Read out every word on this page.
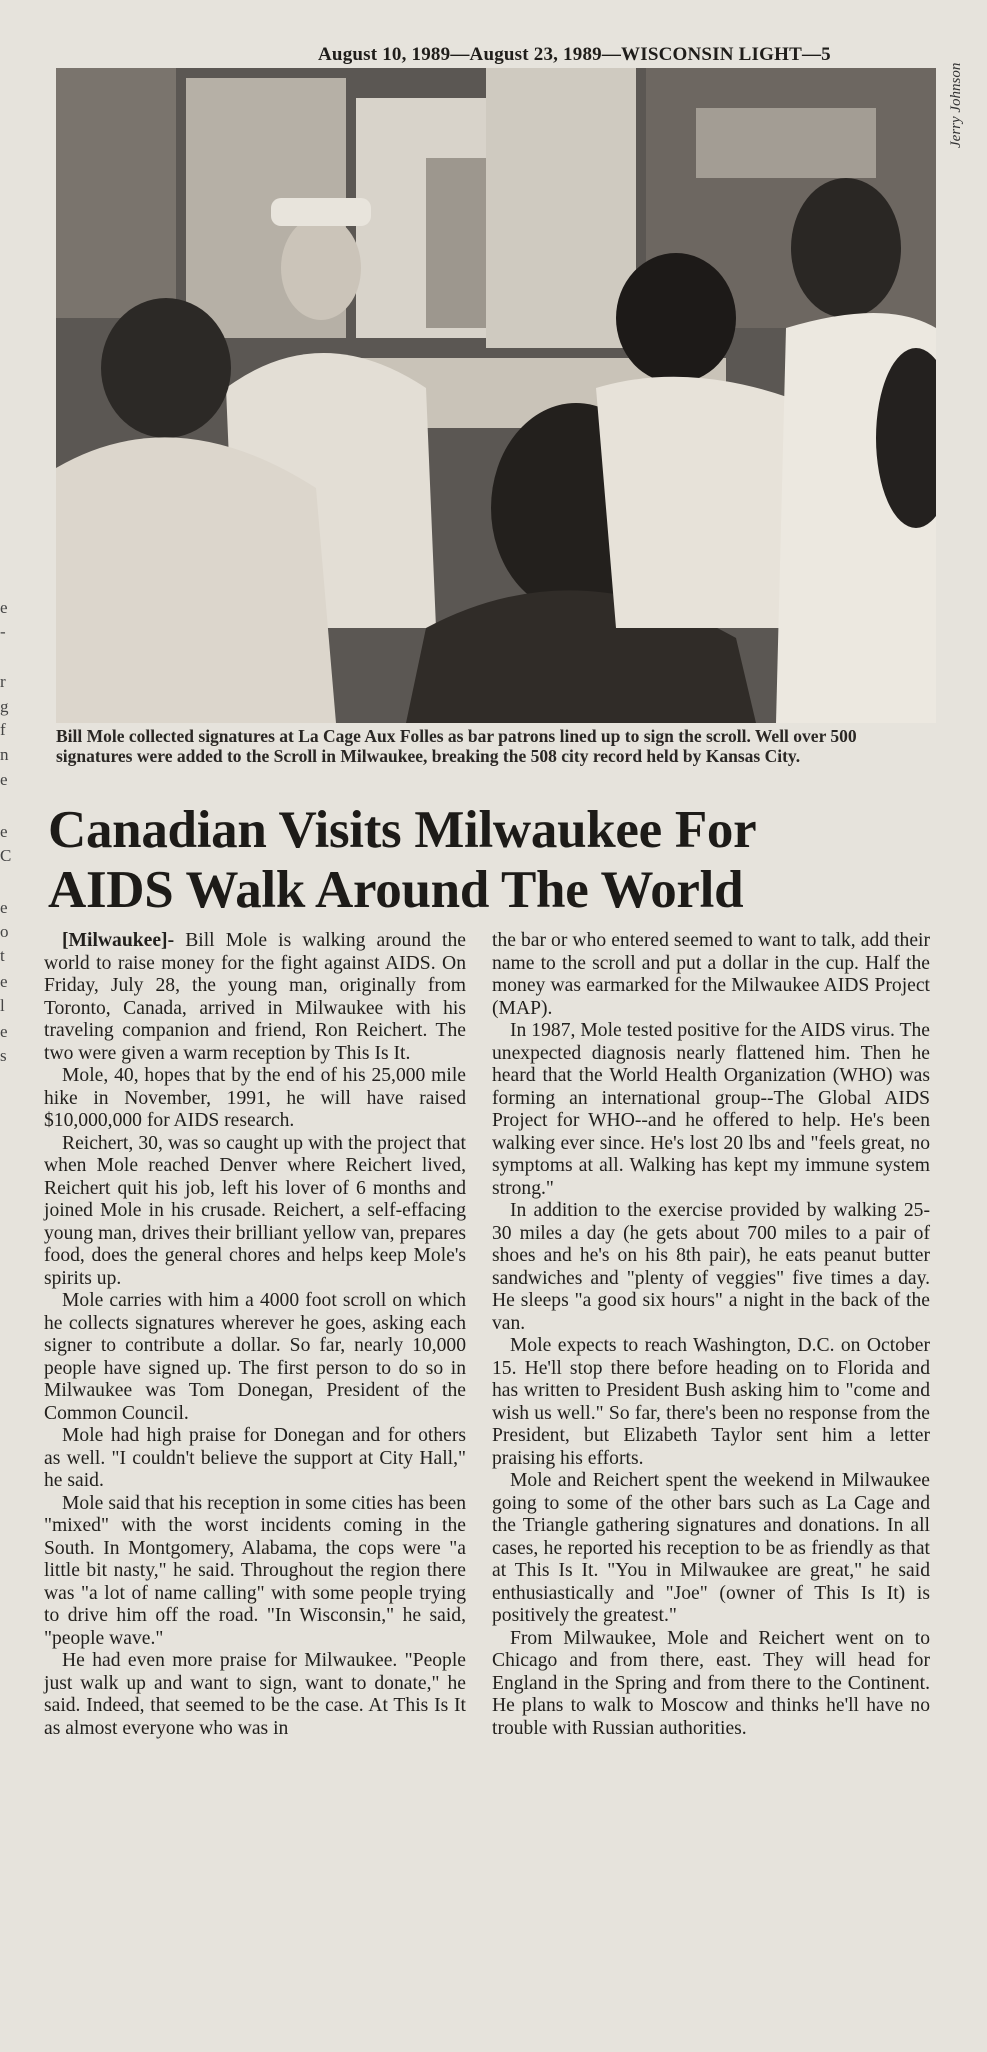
August 10, 1989—August 23, 1989—WISCONSIN LIGHT—5
Jerry Johnson
Bill Mole collected signatures at La Cage Aux Folles as bar patrons lined up to sign the scroll. Well over 500 signatures were added to the Scroll in Milwaukee, breaking the 508 city record held by Kansas City.
Canadian Visits Milwaukee For
AIDS Walk Around The World

[Milwaukee]- Bill Mole is walking around the world to raise money for the fight against AIDS. On Friday, July 28, the young man, originally from Toronto, Canada, arrived in Milwaukee with his traveling companion and friend, Ron Reichert. The two were given a warm reception by This Is It.

Mole, 40, hopes that by the end of his 25,000 mile hike in November, 1991, he will have raised $10,000,000 for AIDS research.

Reichert, 30, was so caught up with the project that when Mole reached Denver where Reichert lived, Reichert quit his job, left his lover of 6 months and joined Mole in his crusade. Reichert, a self-effacing young man, drives their brilliant yellow van, prepares food, does the general chores and helps keep Mole's spirits up.

Mole carries with him a 4000 foot scroll on which he collects signatures wherever he goes, asking each signer to contribute a dollar. So far, nearly 10,000 people have signed up. The first person to do so in Milwaukee was Tom Donegan, President of the Common Council.

Mole had high praise for Donegan and for others as well. "I couldn't believe the support at City Hall," he said.

Mole said that his reception in some cities has been "mixed" with the worst incidents coming in the South. In Montgomery, Alabama, the cops were "a little bit nasty," he said. Throughout the region there was "a lot of name calling" with some people trying to drive him off the road. "In Wisconsin," he said, "people wave."

He had even more praise for Milwaukee. "People just walk up and want to sign, want to donate," he said. Indeed, that seemed to be the case. At This Is It as almost everyone who was in

the bar or who entered seemed to want to talk, add their name to the scroll and put a dollar in the cup. Half the money was earmarked for the Milwaukee AIDS Project (MAP).

In 1987, Mole tested positive for the AIDS virus. The unexpected diagnosis nearly flattened him. Then he heard that the World Health Organization (WHO) was forming an international group--The Global AIDS Project for WHO--and he offered to help. He's been walking ever since. He's lost 20 lbs and "feels great, no symptoms at all. Walking has kept my immune system strong."

In addition to the exercise provided by walking 25-30 miles a day (he gets about 700 miles to a pair of shoes and he's on his 8th pair), he eats peanut butter sandwiches and "plenty of veggies" five times a day. He sleeps "a good six hours" a night in the back of the van.

Mole expects to reach Washington, D.C. on October 15. He'll stop there before heading on to Florida and has written to President Bush asking him to "come and wish us well." So far, there's been no response from the President, but Elizabeth Taylor sent him a letter praising his efforts.

Mole and Reichert spent the weekend in Milwaukee going to some of the other bars such as La Cage and the Triangle gathering signatures and donations. In all cases, he reported his reception to be as friendly as that at This Is It. "You in Milwaukee are great," he said enthusiastically and "Joe" (owner of This Is It) is positively the greatest."

From Milwaukee, Mole and Reichert went on to Chicago and from there, east. They will head for England in the Spring and from there to the Continent. He plans to walk to Moscow and thinks he'll have no trouble with Russian authorities.

e
-
r
g
f
n
e
e
C
e
o
t
e
l
e
s
